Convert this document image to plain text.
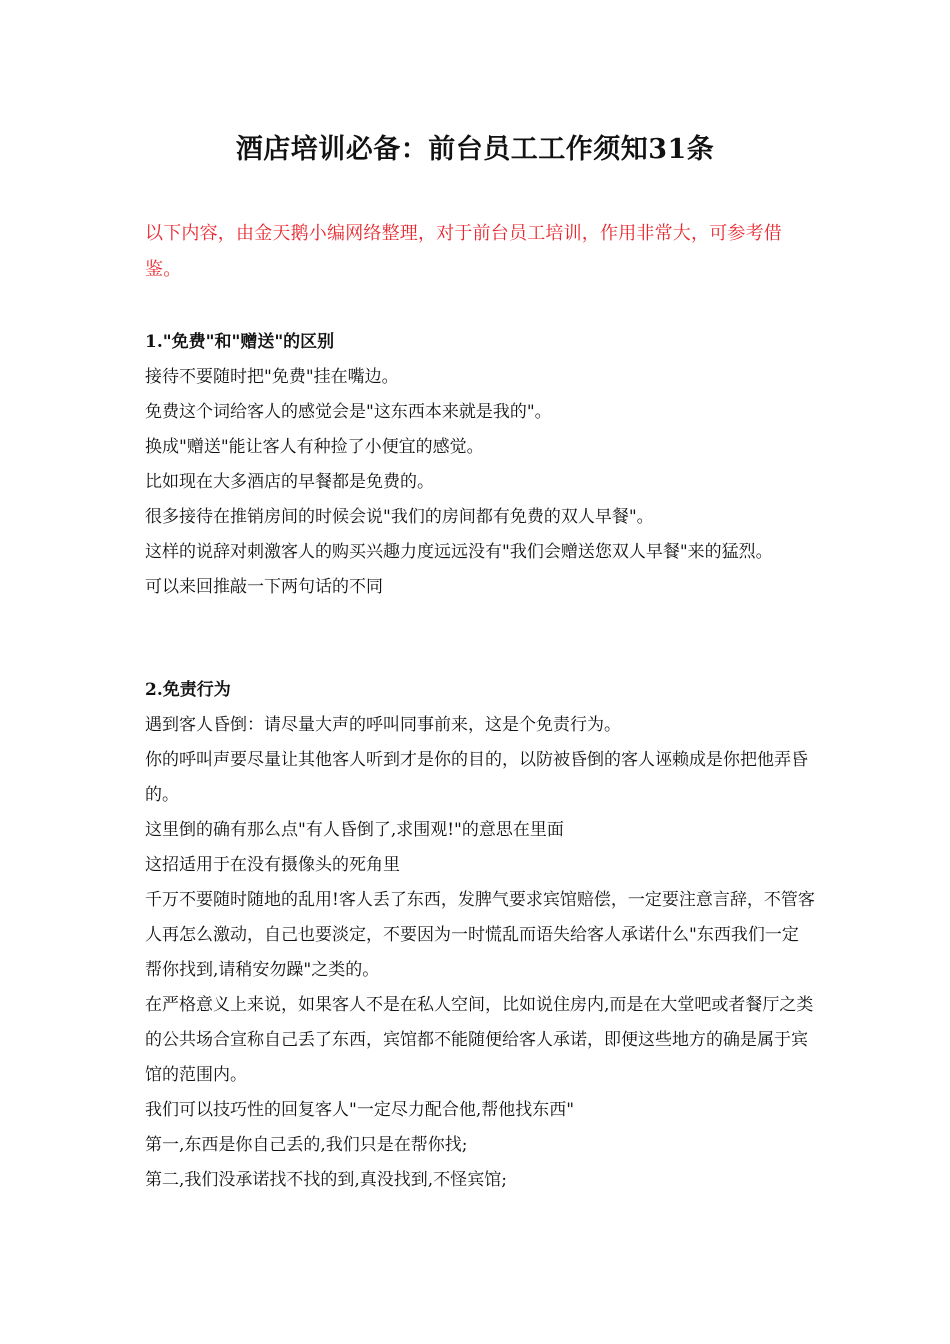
酒店培训必备：前台员工工作须知31条
以下内容，由金天鹅小编网络整理，对于前台员工培训，作用非常大，可参考借鉴。

1."免费"和"赠送"的区别

接待不要随时把"免费"挂在嘴边。

免费这个词给客人的感觉会是"这东西本来就是我的"。

换成"赠送"能让客人有种捡了小便宜的感觉。

比如现在大多酒店的早餐都是免费的。

很多接待在推销房间的时候会说"我们的房间都有免费的双人早餐"。

这样的说辞对刺激客人的购买兴趣力度远远没有"我们会赠送您双人早餐"来的猛烈。

可以来回推敲一下两句话的不同

2.免责行为

遇到客人昏倒：请尽量大声的呼叫同事前来，这是个免责行为。

你的呼叫声要尽量让其他客人听到才是你的目的，以防被昏倒的客人诬赖成是你把他弄昏的。

这里倒的确有那么点"有人昏倒了,求围观!"的意思在里面

这招适用于在没有摄像头的死角里

千万不要随时随地的乱用!客人丢了东西，发脾气要求宾馆赔偿，一定要注意言辞，不管客人再怎么激动，自己也要淡定，不要因为一时慌乱而语失给客人承诺什么"东西我们一定帮你找到,请稍安勿躁"之类的。

在严格意义上来说，如果客人不是在私人空间，比如说住房内,而是在大堂吧或者餐厅之类的公共场合宣称自己丢了东西，宾馆都不能随便给客人承诺，即便这些地方的确是属于宾馆的范围内。

我们可以技巧性的回复客人"一定尽力配合他,帮他找东西"

第一,东西是你自己丢的,我们只是在帮你找;

第二,我们没承诺找不找的到,真没找到,不怪宾馆;
